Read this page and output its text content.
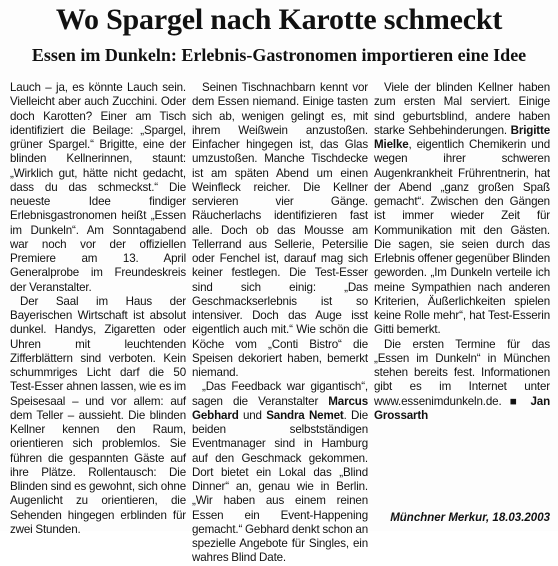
Wo Spargel nach Karotte schmeckt
Essen im Dunkeln: Erlebnis-Gastronomen importieren eine Idee

Lauch – ja, es könnte Lauch sein. Vielleicht aber auch Zucchini. Oder doch Karotten? Einer am Tisch identifiziert die Beilage: „Spargel, grüner Spargel.“ Brigitte, eine der blinden Kellnerinnen, staunt: „Wirklich gut, hätte nicht gedacht, dass du das schmeckst.“ Die neueste Idee findiger Erlebnisgastronomen heißt „Essen im Dunkeln“. Am Sonntagabend war noch vor der offiziellen Premiere am 13. April Generalprobe im Freundeskreis der Veranstalter.

Der Saal im Haus der Bayerischen Wirtschaft ist absolut dunkel. Handys, Zigaretten oder Uhren mit leuchtenden Zifferblättern sind verboten. Kein schummriges Licht darf die 50 Test-Esser ahnen lassen, wie es im Speisesaal – und vor allem: auf dem Teller – aussieht. Die blinden Kellner kennen den Raum, orientieren sich problemlos. Sie führen die gespannten Gäste auf ihre Plätze. Rollentausch: Die Blinden sind es gewohnt, sich ohne Augenlicht zu orientieren, die Sehenden hingegen erblinden für zwei Stunden.

Seinen Tischnachbarn kennt vor dem Essen niemand. Einige tasten sich ab, wenigen gelingt es, mit ihrem Weißwein anzustoßen. Einfacher hingegen ist, das Glas umzustoßen. Manche Tischdecke ist am späten Abend um einen Weinfleck reicher. Die Kellner servieren vier Gänge. Räucherlachs identifizieren fast alle. Doch ob das Mousse am Tellerrand aus Sellerie, Petersilie oder Fenchel ist, darauf mag sich keiner festlegen. Die Test-Esser sind sich einig: „Das Geschmackserlebnis ist so intensiver. Doch das Auge isst eigentlich auch mit.“ Wie schön die Köche vom „Conti Bistro“ die Speisen dekoriert haben, bemerkt niemand.

„Das Feedback war gigantisch“, sagen die Veranstalter Marcus Gebhard und Sandra Nemet. Die beiden selbstständigen Eventmanager sind in Hamburg auf den Geschmack gekommen. Dort bietet ein Lokal das „Blind Dinner“ an, genau wie in Berlin. „Wir haben aus einem reinen Essen ein Event-Happening gemacht.“ Gebhard denkt schon an spezielle Angebote für Singles, ein wahres Blind Date.

Viele der blinden Kellner haben zum ersten Mal serviert. Einige sind geburtsblind, andere haben starke Sehbehinderungen. Brigitte Mielke, eigentlich Chemikerin und wegen ihrer schweren Augenkrankheit Frührentnerin, hat der Abend „ganz großen Spaß gemacht“. Zwischen den Gängen ist immer wieder Zeit für Kommunikation mit den Gästen. Die sagen, sie seien durch das Erlebnis offener gegenüber Blinden geworden. „Im Dunkeln verteile ich meine Sympathien nach anderen Kriterien, Äußerlichkeiten spielen keine Rolle mehr“, hat Test-Esserin Gitti bemerkt.

Die ersten Termine für das „Essen im Dunkeln“ in München stehen bereits fest. Informationen gibt es im Internet unter www.essenimdunkeln.de. ■ Jan Grossarth

Münchner Merkur, 18.03.2003
